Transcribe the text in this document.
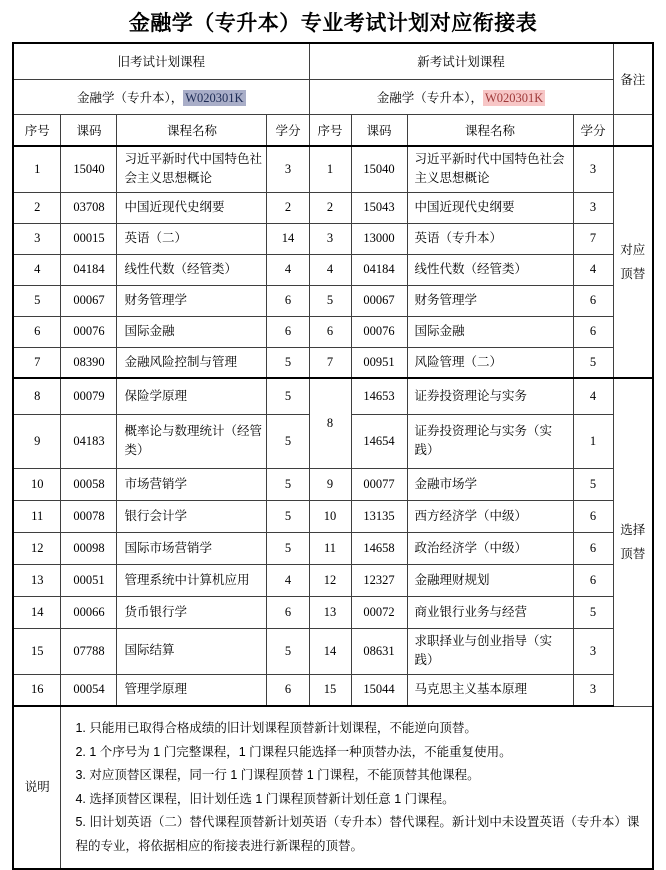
金融学（专升本）专业考试计划对应衔接表
旧考试计划课程				新考试计划课程				备注
金融学（专升本）， W020301K				金融学（专升本）， W020301K				
序号	课码	课程名称	学分	序号	课码	课程名称	学分	
1	15040	习近平新时代中国特色社会主义思想概论	3	1	15040	习近平新时代中国特色社会主义思想概论	3	对应顶替

2	03708	中国近现代史纲要	2	2	15043	中国近现代史纲要	3	
3	00015	英语（二）	14	3	13000	英语（专升本）	7	
4	04184	线性代数（经管类）	4	4	04184	线性代数（经管类）	4	
5	00067	财务管理学	6	5	00067	财务管理学	6	
6	00076	国际金融	6	6	00076	国际金融	6	
7	08390	金融风险控制与管理	5	7	00951	风险管理（二）	5	
8	00079	保险学原理	5	8	14653	证券投资理论与实务	4	选择顶替

9	04183	概率论与数理统计（经管类）	5		14654	证券投资理论与实务（实践）	1	
10	00058	市场营销学	5	9	00077	金融市场学	5	
11	00078	银行会计学	5	10	13135	西方经济学（中级）	6	
12	00098	国际市场营销学	5	11	14658	政治经济学（中级）	6	
13	00051	管理系统中计算机应用	4	12	12327	金融理财规划	6	
14	00066	货币银行学	6	13	00072	商业银行业务与经营	5	
15	07788	国际结算	5	14	08631	求职择业与创业指导（实践）	3	
16	00054	管理学原理	6	15	15044	马克思主义基本原理	3	

说明	1. 只能用已取得合格成绩的旧计划课程顶替新计划课程，不能逆向顶替。
2. 1 个序号为 1 门完整课程，1 门课程只能选择一种顶替办法，不能重复使用。
3. 对应顶替区课程，同一行 1 门课程顶替 1 门课程，不能顶替其他课程。
4. 选择顶替区课程，旧计划任选 1 门课程顶替新计划任意 1 门课程。
5. 旧计划英语（二）替代课程顶替新计划英语（专升本）替代课程。新计划中未设置英语（专升本）课程的专业，将依据相应的衔接表进行新课程的顶替。							
